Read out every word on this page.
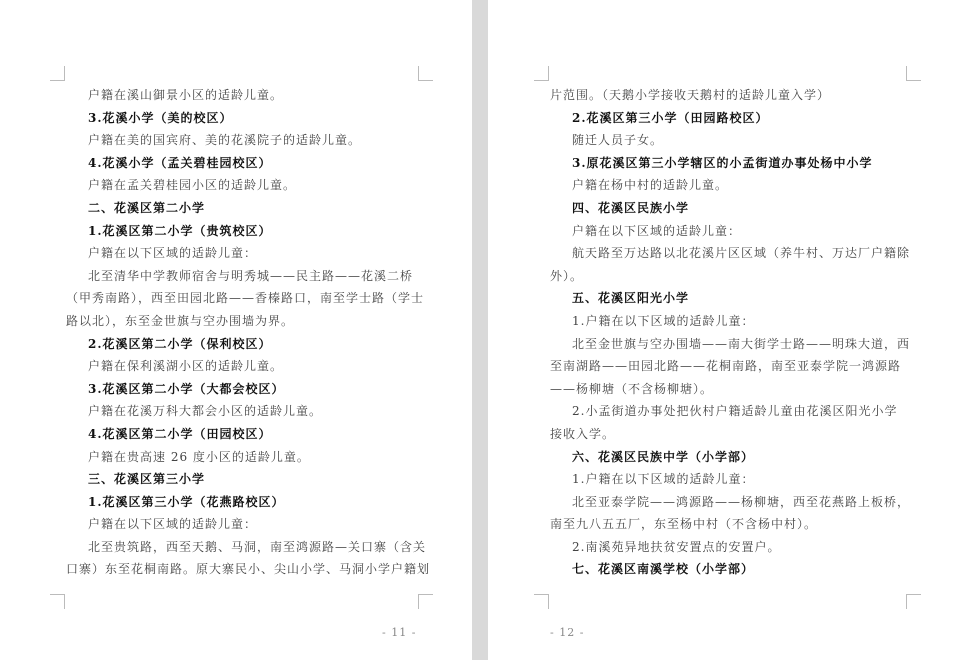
户籍在溪山御景小区的适龄儿童。
3.花溪小学（美的校区）
户籍在美的国宾府、美的花溪院子的适龄儿童。
4.花溪小学（孟关碧桂园校区）
户籍在孟关碧桂园小区的适龄儿童。
二、花溪区第二小学
1.花溪区第二小学（贵筑校区）
户籍在以下区域的适龄儿童：
北至清华中学教师宿舍与明秀城——民主路——花溪二桥
（甲秀南路），西至田园北路——香榛路口，南至学士路（学士
路以北），东至金世旗与空办围墙为界。
2.花溪区第二小学（保利校区）
户籍在保利溪湖小区的适龄儿童。
3.花溪区第二小学（大都会校区）
户籍在花溪万科大都会小区的适龄儿童。
4.花溪区第二小学（田园校区）
户籍在贵高速 26 度小区的适龄儿童。
三、花溪区第三小学
1.花溪区第三小学（花燕路校区）
户籍在以下区域的适龄儿童：
北至贵筑路，西至天鹅、马洞，南至鸿源路—关口寨（含关
口寨）东至花桐南路。原大寨民小、尖山小学、马洞小学户籍划
- 11 -
片范围。（天鹅小学接收天鹅村的适龄儿童入学）
2.花溪区第三小学（田园路校区）
随迁人员子女。
3.原花溪区第三小学辖区的小孟街道办事处杨中小学
户籍在杨中村的适龄儿童。
四、花溪区民族小学
户籍在以下区域的适龄儿童：
航天路至万达路以北花溪片区区域（养牛村、万达厂户籍除
外）。
五、花溪区阳光小学
1.户籍在以下区域的适龄儿童：
北至金世旗与空办围墙——南大街学士路——明珠大道，西
至南湖路——田园北路——花桐南路，南至亚泰学院一鸿源路
——杨柳塘（不含杨柳塘）。
2.小孟街道办事处把伙村户籍适龄儿童由花溪区阳光小学
接收入学。
六、花溪区民族中学（小学部）
1.户籍在以下区域的适龄儿童：
北至亚泰学院——鸿源路——杨柳塘，西至花燕路上板桥，
南至九八五五厂，东至杨中村（不含杨中村）。
2.南溪苑异地扶贫安置点的安置户。
七、花溪区南溪学校（小学部）
- 12 -
